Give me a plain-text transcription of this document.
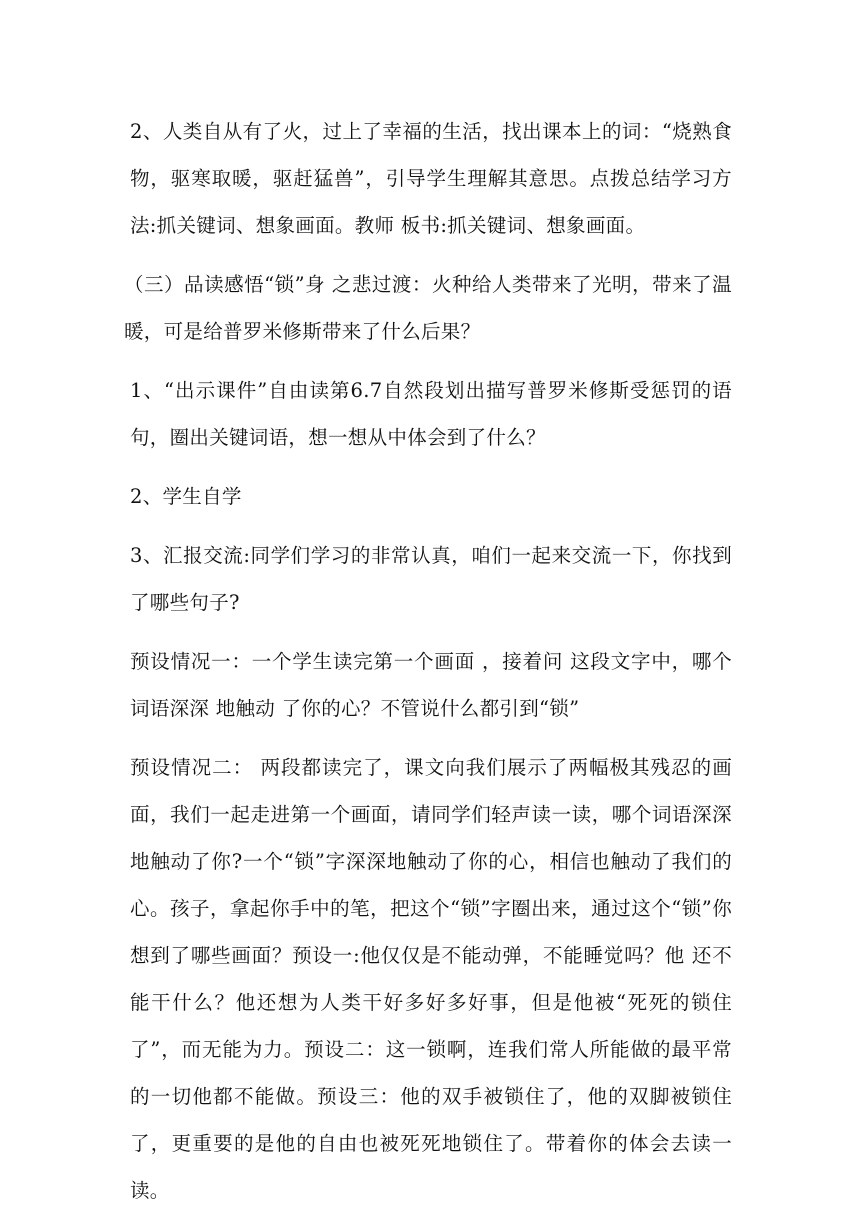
2、人类自从有了火，过上了幸福的生活，找出课本上的词：“烧熟食物，驱寒取暖，驱赶猛兽”，引导学生理解其意思。点拨总结学习方法:抓关键词、想象画面。教师 板书:抓关键词、想象画面。

（三）品读感悟“锁”身 之悲过渡：火种给人类带来了光明，带来了温暖，可是给普罗米修斯带来了什么后果？

1、“出示课件”自由读第6.7自然段划出描写普罗米修斯受惩罚的语句，圈出关键词语，想一想从中体会到了什么？

2、学生自学

3、汇报交流:同学们学习的非常认真，咱们一起来交流一下，你找到了哪些句子?

预设情况一：一个学生读完第一个画面 ，接着问 这段文字中，哪个词语深深 地触动 了你的心？不管说什么都引到“锁”

预设情况二： 两段都读完了，课文向我们展示了两幅极其残忍的画面，我们一起走进第一个画面，请同学们轻声读一读，哪个词语深深地触动了你?一个“锁”字深深地触动了你的心，相信也触动了我们的心。孩子，拿起你手中的笔，把这个“锁”字圈出来，通过这个“锁”你想到了哪些画面？预设一:他仅仅是不能动弹，不能睡觉吗？他 还不能干什么？他还想为人类干好多好多好事，但是他被“死死的锁住了”，而无能为力。预设二：这一锁啊，连我们常人所能做的最平常的一切他都不能做。预设三：他的双手被锁住了，他的双脚被锁住了，更重要的是他的自由也被死死地锁住了。带着你的体会去读一读。
